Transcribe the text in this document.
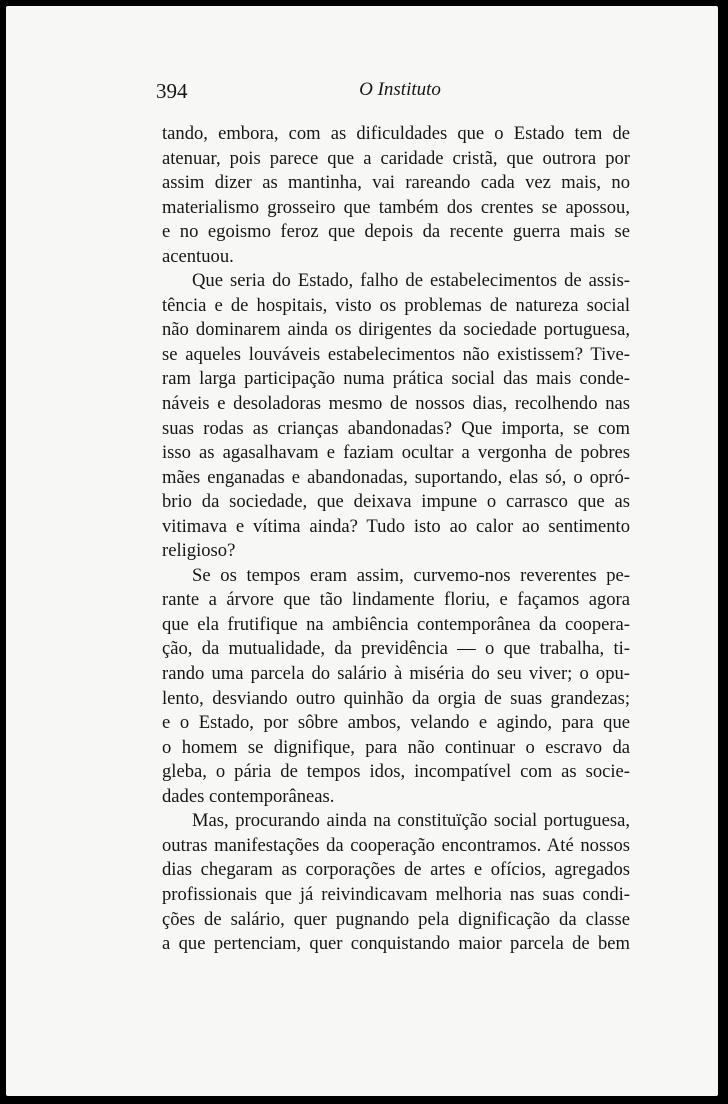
394	O Instituto
tando, embora, com as dificuldades que o Estado tem de
atenuar, pois parece que a caridade cristã, que outrora por
assim dizer as mantinha, vai rareando cada vez mais, no
materialismo grosseiro que também dos crentes se apossou,
e no egoismo feroz que depois da recente guerra mais se
acentuou.
Que seria do Estado, falho de estabelecimentos de assis-
tência e de hospitais, visto os problemas de natureza social
não dominarem ainda os dirigentes da sociedade portuguesa,
se aqueles louváveis estabelecimentos não existissem? Tive-
ram larga participação numa prática social das mais conde-
náveis e desoladoras mesmo de nossos dias, recolhendo nas
suas rodas as crianças abandonadas? Que importa, se com
isso as agasalhavam e faziam ocultar a vergonha de pobres
mães enganadas e abandonadas, suportando, elas só, o opró-
brio da sociedade, que deixava impune o carrasco que as
vitimava e vítima ainda? Tudo isto ao calor ao sentimento
religioso?
Se os tempos eram assim, curvemo-nos reverentes pe-
rante a árvore que tão lindamente floriu, e façamos agora
que ela frutifique na ambiência contemporânea da coopera-
ção, da mutualidade, da previdência — o que trabalha, ti-
rando uma parcela do salário à miséria do seu viver; o opu-
lento, desviando outro quinhão da orgia de suas grandezas;
e o Estado, por sôbre ambos, velando e agindo, para que
o homem se dignifique, para não continuar o escravo da
gleba, o pária de tempos idos, incompatível com as socie-
dades contemporâneas.
Mas, procurando ainda na constituïção social portuguesa,
outras manifestações da cooperação encontramos. Até nossos
dias chegaram as corporações de artes e ofícios, agregados
profissionais que já reivindicavam melhoria nas suas condi-
ções de salário, quer pugnando pela dignificação da classe
a que pertenciam, quer conquistando maior parcela de bem
